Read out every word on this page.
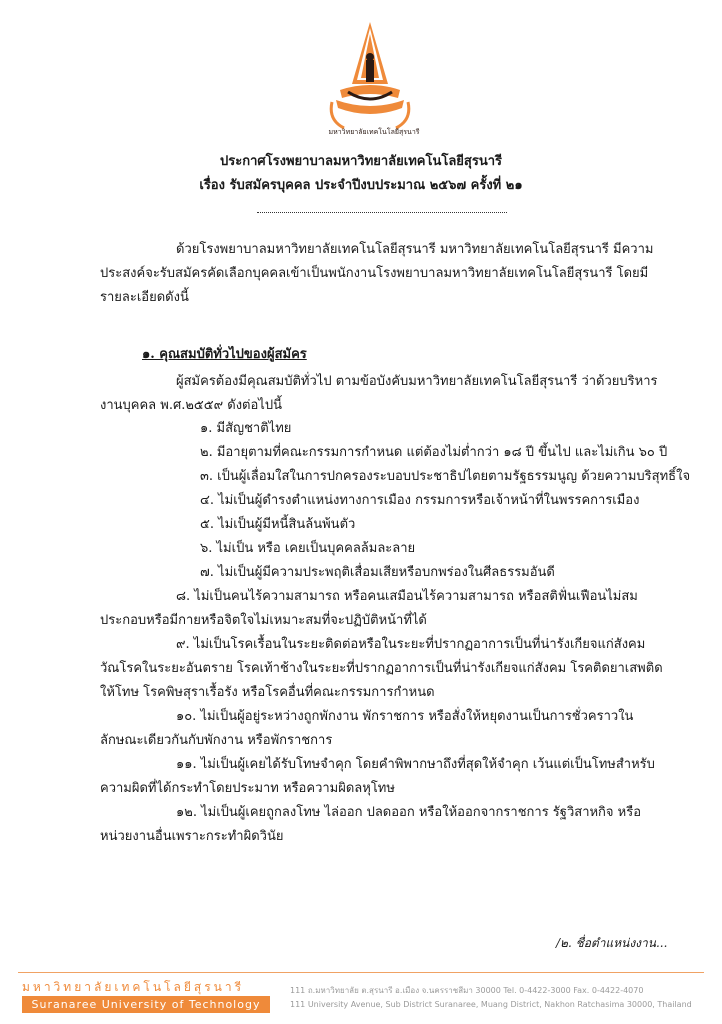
มหาวิทยาลัยเทคโนโลยีสุรนารี
ประกาศโรงพยาบาลมหาวิทยาลัยเทคโนโลยีสุรนารี
เรื่อง รับสมัครบุคคล ประจำปีงบประมาณ ๒๕๖๗ ครั้งที่ ๒๑
ด้วยโรงพยาบาลมหาวิทยาลัยเทคโนโลยีสุรนารี มหาวิทยาลัยเทคโนโลยีสุรนารี มีความประสงค์จะรับสมัครคัดเลือกบุคคลเข้าเป็นพนักงานโรงพยาบาลมหาวิทยาลัยเทคโนโลยีสุรนารี โดยมีรายละเอียดดังนี้
๑. คุณสมบัติทั่วไปของผู้สมัคร
ผู้สมัครต้องมีคุณสมบัติทั่วไป ตามข้อบังคับมหาวิทยาลัยเทคโนโลยีสุรนารี ว่าด้วยบริหารงานบุคคล พ.ศ.๒๕๕๙ ดังต่อไปนี้
๑. มีสัญชาติไทย
๒. มีอายุตามที่คณะกรรมการกำหนด แต่ต้องไม่ต่ำกว่า ๑๘ ปี ขึ้นไป และไม่เกิน ๖๐ ปี
๓. เป็นผู้เลื่อมใสในการปกครองระบอบประชาธิปไตยตามรัฐธรรมนูญ ด้วยความบริสุทธิ์ใจ
๔. ไม่เป็นผู้ดำรงตำแหน่งทางการเมือง กรรมการหรือเจ้าหน้าที่ในพรรคการเมือง
๕. ไม่เป็นผู้มีหนี้สินล้นพ้นตัว
๖. ไม่เป็น หรือ เคยเป็นบุคคลล้มละลาย
๗. ไม่เป็นผู้มีความประพฤติเสื่อมเสียหรือบกพร่องในศีลธรรมอันดี
๘. ไม่เป็นคนไร้ความสามารถ หรือคนเสมือนไร้ความสามารถ หรือสติฟั่นเฟือนไม่สมประกอบหรือมีกายหรือจิตใจไม่เหมาะสมที่จะปฏิบัติหน้าที่ได้
๙. ไม่เป็นโรคเรื้อนในระยะติดต่อหรือในระยะที่ปรากฏอาการเป็นที่น่ารังเกียจแก่สังคม วัณโรคในระยะอันตราย โรคเท้าช้างในระยะที่ปรากฏอาการเป็นที่น่ารังเกียจแก่สังคม โรคติดยาเสพติดให้โทษ โรคพิษสุราเรื้อรัง หรือโรคอื่นที่คณะกรรมการกำหนด
๑๐. ไม่เป็นผู้อยู่ระหว่างถูกพักงาน พักราชการ หรือสั่งให้หยุดงานเป็นการชั่วคราวในลักษณะเดียวกันกับพักงาน หรือพักราชการ
๑๑. ไม่เป็นผู้เคยได้รับโทษจำคุก โดยคำพิพากษาถึงที่สุดให้จำคุก เว้นแต่เป็นโทษสำหรับความผิดที่ได้กระทำโดยประมาท หรือความผิดลหุโทษ
๑๒. ไม่เป็นผู้เคยถูกลงโทษ ไล่ออก ปลดออก หรือให้ออกจากราชการ รัฐวิสาหกิจ หรือหน่วยงานอื่นเพราะกระทำผิดวินัย
/๒. ชื่อตำแหน่งงาน...
มหาวิทยาลัยเทคโนโลยีสุรนารี
Suranaree University of Technology
111 ถ.มหาวิทยาลัย ต.สุรนารี อ.เมือง จ.นครราชสีมา 30000 Tel. 0-4422-3000 Fax. 0-4422-4070
111 University Avenue, Sub District Suranaree, Muang District, Nakhon Ratchasima 30000, Thailand
